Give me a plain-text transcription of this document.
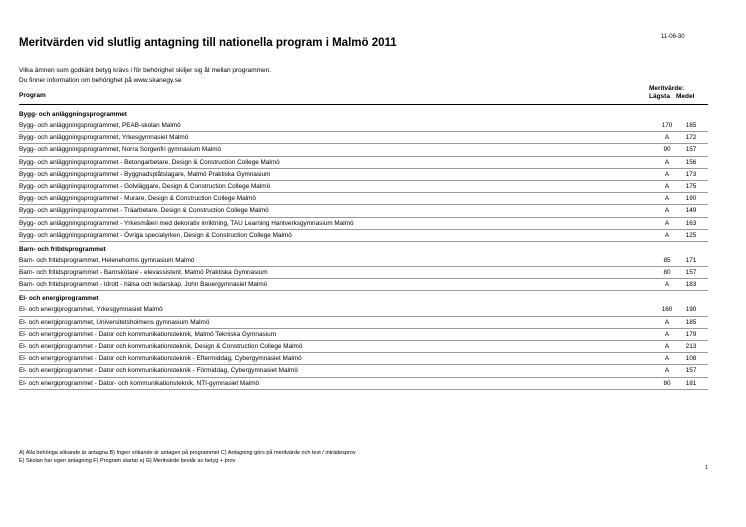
11-06-30
Meritvärden vid slutlig antagning till nationella program i Malmö 2011
Vilka ämnen som godkänt betyg krävs i för behörighet skiljer sig åt mellan programmen.
Du finner information om behörighet på www.skanegy.se
Program
Meritvärde:
Lägsta Medel
Bygg- och anläggningsprogrammet
Bygg- och anläggningsprogrammet, PEAB-skolan Malmö	170	185
Bygg- och anläggningsprogrammet, Yrkesgymnasiet Malmö	A	172
Bygg- och anläggningsprogrammet, Norra Sorgenfri gymnasium Malmö	90	157
Bygg- och anläggningsprogrammet - Betongarbetare, Design & Construction College Malmö	A	156
Bygg- och anläggningsprogrammet - Byggnadsplåtslagare, Malmö Praktiska Gymnasium	A	173
Bygg- och anläggningsprogrammet - Golvläggare, Design & Construction College Malmö	A	175
Bygg- och anläggningsprogrammet - Murare, Design & Construction College Malmö	A	190
Bygg- och anläggningsprogrammet - Träarbetare, Design & Construction College Malmö	A	149
Bygg- och anläggningsprogrammet - Yrkesmåleri med dekorativ inriktning, TAU Learning Hantverksgymnasium Malmö	A	163
Bygg- och anläggningsprogrammet - Övriga specialyrken, Design & Construction College Malmö	A	125
Barn- och fritidsprogrammet
Barn- och fritidsprogrammet, Heleneholms gymnasium Malmö	85	171
Barn- och fritidsprogrammet - Barnskötare - elevassistent, Malmö Praktiska Gymnasium	80	157
Barn- och fritidsprogrammet - Idrott - hälsa och ledarskap, John Bauergymnasiet Malmö	A	183
El- och energiprogrammet
El- och energiprogrammet, Yrkesgymnasiet Malmö	160	190
El- och energiprogrammet, Universitetsholmens gymnasium Malmö	A	185
El- och energiprogrammet - Dator och kommunikationsteknik, Malmö Tekniska Gymnasium	A	179
El- och energiprogrammet - Dator och kommunikationsteknik, Design & Construction College Malmö	A	213
El- och energiprogrammet - Dator och kommunikationsteknik - Eftermiddag, Cybergymnasiet Malmö	A	108
El- och energiprogrammet - Dator och kommunikationsteknik - Förmiddag, Cybergymnasiet Malmö	A	157
El- och energiprogrammet - Dator- och kommunikationsteknik, NTI-gymnasiet Malmö	80	181
A) Alla behöriga sökande är antagna B) Ingen sökande är antagen på programmet C) Antagning görs på meritvärde och test / inträdesprov
E) Skolan har egen antagning F) Program startar ej G) Meritvärde består av betyg + prov
1
